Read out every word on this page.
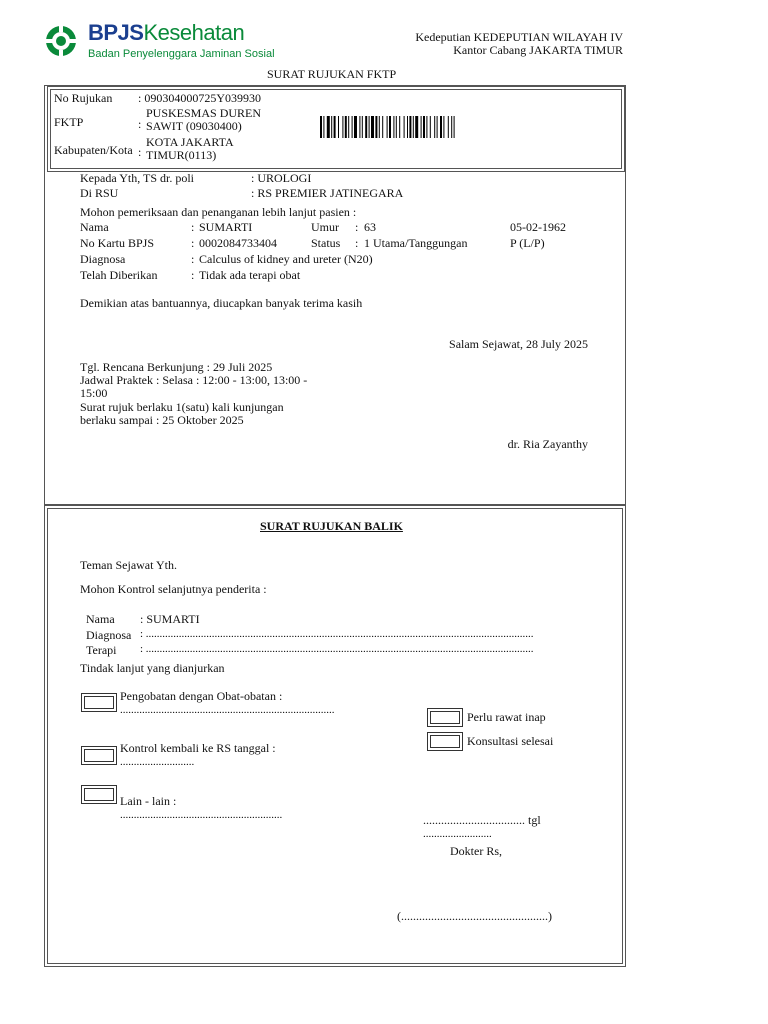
BPJSKesehatan
Badan Penyelenggara Jaminan Sosial
Kedeputian KEDEPUTIAN WILAYAH IV
Kantor Cabang JAKARTA TIMUR
SURAT RUJUKAN FKTP
No Rujukan : 090304000725Y039930
FKTP	:
PUSKESMAS DUREN SAWIT (09030400)
Kabupaten/Kota :
KOTA JAKARTA TIMUR(0113)
Kepada Yth, TS dr. poli	: UROLOGI
Di RSU	: RS PREMIER JATINEGARA
Mohon pemeriksaan dan penanganan lebih lanjut pasien :
Nama	: SUMARTI	Umur : 63	05-02-1962
No Kartu BPJS	: 0002084733404	Status : 1 Utama/Tanggungan	P (L/P)
Diagnosa	: Calculus of kidney and ureter (N20)
Telah Diberikan	: Tidak ada terapi obat
Demikian atas bantuannya, diucapkan banyak terima kasih
Salam Sejawat, 28 July 2025
Tgl. Rencana Berkunjung : 29 Juli 2025
Jadwal Praktek : Selasa : 12:00 - 13:00, 13:00 - 15:00
Surat rujuk berlaku 1(satu) kali kunjungan
berlaku sampai : 25 Oktober 2025
dr. Ria Zayanthy
SURAT RUJUKAN BALIK
Teman Sejawat Yth.
Mohon Kontrol selanjutnya penderita :
Nama : SUMARTI
Diagnosa : .............................................................................................................................................
Terapi : .............................................................................................................................................
Tindak lanjut yang dianjurkan
Pengobatan dengan Obat-obatan :
..............................................................................
Kontrol kembali ke RS tanggal :
...........................
Lain - lain :
...........................................................
Perlu rawat inap
Konsultasi selesai
.................................. tgl
.........................
Dokter Rs,
(.................................................)
